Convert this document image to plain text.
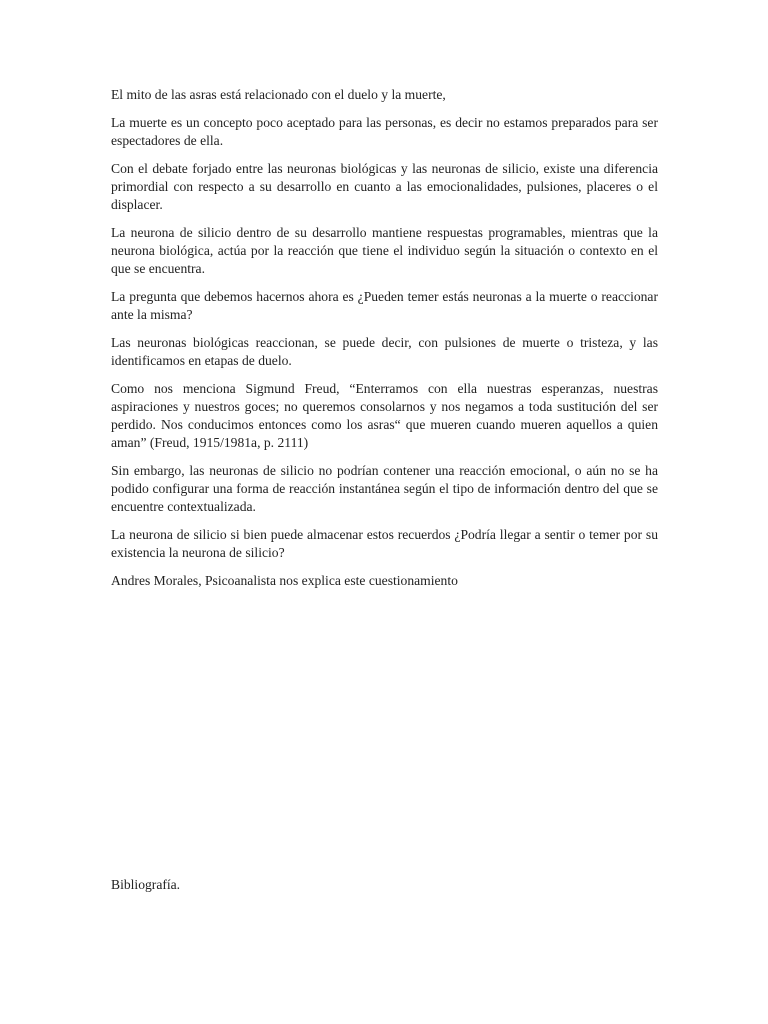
El mito de las asras está relacionado con el duelo y la muerte,

La muerte es un concepto poco aceptado para las personas, es decir no estamos preparados para ser espectadores de ella.

Con el debate forjado entre las neuronas biológicas y las neuronas de silicio, existe una diferencia primordial con respecto a su desarrollo en cuanto a las emocionalidades, pulsiones, placeres o el displacer.

La neurona de silicio dentro de su desarrollo mantiene respuestas programables, mientras que la neurona biológica, actúa por la reacción que tiene el individuo según la situación o contexto en el que se encuentra.

La pregunta que debemos hacernos ahora es ¿Pueden temer estás neuronas a la muerte o reaccionar ante la misma?

Las neuronas biológicas reaccionan, se puede decir, con pulsiones de muerte o tristeza, y las identificamos en etapas de duelo.

Como nos menciona Sigmund Freud, “Enterramos con ella nuestras esperanzas, nuestras aspiraciones y nuestros goces; no queremos consolarnos y nos negamos a toda sustitución del ser perdido. Nos conducimos entonces como los asras“ que mueren cuando mueren aquellos a quien aman” (Freud, 1915/1981a, p. 2111)

Sin embargo, las neuronas de silicio no podrían contener una reacción emocional, o aún no se ha podido configurar una forma de reacción instantánea según el tipo de información dentro del que se encuentre contextualizada.

La neurona de silicio si bien puede almacenar estos recuerdos ¿Podría llegar a sentir o temer por su existencia la neurona de silicio?

Andres Morales, Psicoanalista nos explica este cuestionamiento

Bibliografía.
